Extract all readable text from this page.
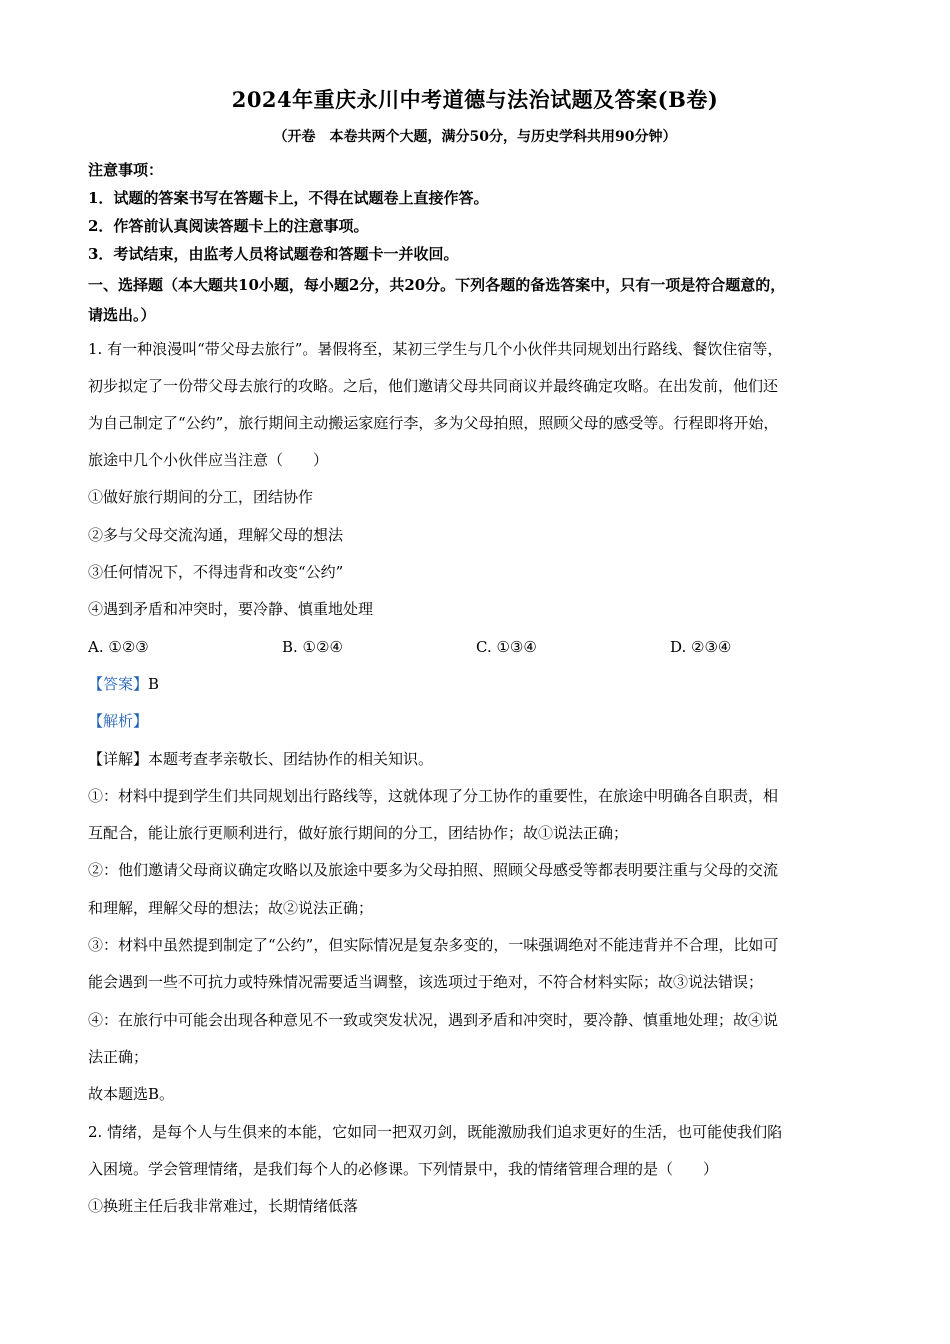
2024年重庆永川中考道德与法治试题及答案(B卷)
（开卷　本卷共两个大题，满分50分，与历史学科共用90分钟）
注意事项：
1．试题的答案书写在答题卡上，不得在试题卷上直接作答。
2．作答前认真阅读答题卡上的注意事项。
3．考试结束，由监考人员将试题卷和答题卡一并收回。
一、选择题（本大题共10小题，每小题2分，共20分。下列各题的备选答案中，只有一项是符合题意的，
请选出。）
1. 有一种浪漫叫“带父母去旅行”。暑假将至，某初三学生与几个小伙伴共同规划出行路线、餐饮住宿等，
初步拟定了一份带父母去旅行的攻略。之后，他们邀请父母共同商议并最终确定攻略。在出发前，他们还
为自己制定了“公约”，旅行期间主动搬运家庭行李，多为父母拍照，照顾父母的感受等。行程即将开始，
旅途中几个小伙伴应当注意（　　）
①做好旅行期间的分工，团结协作
②多与父母交流沟通，理解父母的想法
③任何情况下，不得违背和改变“公约”
④遇到矛盾和冲突时，要冷静、慎重地处理
A. ①②③	B. ①②④	C. ①③④	D. ②③④
【答案】B
【解析】
【详解】本题考查孝亲敬长、团结协作的相关知识。
①：材料中提到学生们共同规划出行路线等，这就体现了分工协作的重要性，在旅途中明确各自职责，相
互配合，能让旅行更顺利进行，做好旅行期间的分工，团结协作；故①说法正确；
②：他们邀请父母商议确定攻略以及旅途中要多为父母拍照、照顾父母感受等都表明要注重与父母的交流
和理解，理解父母的想法；故②说法正确；
③：材料中虽然提到制定了“公约”，但实际情况是复杂多变的，一味强调绝对不能违背并不合理，比如可
能会遇到一些不可抗力或特殊情况需要适当调整，该选项过于绝对，不符合材料实际；故③说法错误；
④：在旅行中可能会出现各种意见不一致或突发状况，遇到矛盾和冲突时，要冷静、慎重地处理；故④说
法正确；
故本题选B。
2. 情绪，是每个人与生俱来的本能，它如同一把双刃剑，既能激励我们追求更好的生活，也可能使我们陷
入困境。学会管理情绪，是我们每个人的必修课。下列情景中，我的情绪管理合理的是（　　）
①换班主任后我非常难过，长期情绪低落
